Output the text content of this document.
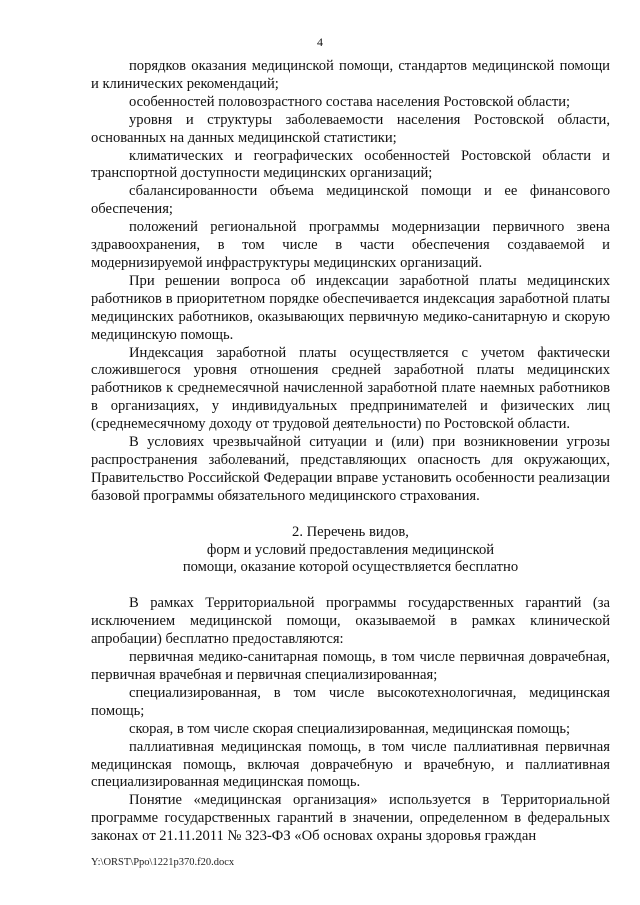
4

порядков оказания медицинской помощи, стандартов медицинской помощи и клинических рекомендаций;

особенностей половозрастного состава населения Ростовской области;

уровня и структуры заболеваемости населения Ростовской области, основанных на данных медицинской статистики;

климатических и географических особенностей Ростовской области и транспортной доступности медицинских организаций;

сбалансированности объема медицинской помощи и ее финансового обеспечения;

положений региональной программы модернизации первичного звена здравоохранения, в том числе в части обеспечения создаваемой и модернизируемой инфраструктуры медицинских организаций.

При решении вопроса об индексации заработной платы медицинских работников в приоритетном порядке обеспечивается индексация заработной платы медицинских работников, оказывающих первичную медико-санитарную и скорую медицинскую помощь.

Индексация заработной платы осуществляется с учетом фактически сложившегося уровня отношения средней заработной платы медицинских работников к среднемесячной начисленной заработной плате наемных работников в организациях, у индивидуальных предпринимателей и физических лиц (среднемесячному доходу от трудовой деятельности) по Ростовской области.

В условиях чрезвычайной ситуации и (или) при возникновении угрозы распространения заболеваний, представляющих опасность для окружающих, Правительство Российской Федерации вправе установить особенности реализации базовой программы обязательного медицинского страхования.

2. Перечень видов,
форм и условий предоставления медицинской
помощи, оказание которой осуществляется бесплатно

В рамках Территориальной программы государственных гарантий (за исключением медицинской помощи, оказываемой в рамках клинической апробации) бесплатно предоставляются:

первичная медико-санитарная помощь, в том числе первичная доврачебная, первичная врачебная и первичная специализированная;

специализированная, в том числе высокотехнологичная, медицинская помощь;

скорая, в том числе скорая специализированная, медицинская помощь;

паллиативная медицинская помощь, в том числе паллиативная первичная медицинская помощь, включая доврачебную и врачебную, и паллиативная специализированная медицинская помощь.

Понятие «медицинская организация» используется в Территориальной программе государственных гарантий в значении, определенном в федеральных законах от 21.11.2011 № 323-ФЗ «Об основах охраны здоровья граждан

Y:\ORST\Ppo\1221p370.f20.docx
